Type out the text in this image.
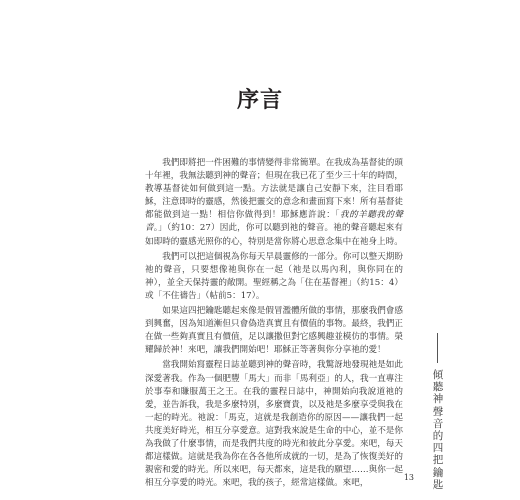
序言

我們即將把一件困難的事情變得非常簡單。在我成為基督徒的頭十年裡，我無法聽到神的聲音；但現在我已花了至少三十年的時間，教導基督徒如何做到這一點。方法就是讓自己安靜下來，注目看耶穌，注意即時的靈感，然後把靈交的意念和畫面寫下來！所有基督徒都能做到這一點！相信你做得到！耶穌應許說：「我的羊聽我的聲音。」（約10：27）因此，你可以聽到祂的聲音。祂的聲音聽起來有如即時的靈感光照你的心，特別是當你將心思意念集中在祂身上時。

我們可以把這個視為你每天早晨靈修的一部分。你可以整天期盼祂的聲音，只要想像祂與你在一起（祂是以馬內利，與你同在的神），並全天保持靈的敞開。聖經稱之為「住在基督裡」（約15：4）或「不住禱告」（帖前5：17）。

如果這四把鑰匙聽起來像是假冒濫體所做的事情，那麼我們會感到興奮，因為知道漸但只會偽造真實且有價值的事物。最終，我們正在做一些夠真實且有價值，足以讓撒但對它感興趣並模仿的事情。榮耀歸於神！來吧，讓我們開始吧！耶穌正等著與你分享祂的愛！

當我開始寫靈程日誌並聽到神的聲音時，我驚訝地發現祂是如此深愛著我。作為一個肥豐「馬大」而非「馬利亞」的人，我一直專注於事奉和賺服萬王之王。在我的靈程日誌中，神開始向我說道祂的愛，並告訴我，我是多麼特別，多麼寶貴，以及祂是多麼享受與我在一起的時光。祂說：「馬克，這就是我創造你的原因——讓我們一起共度美好時光，相互分享愛意。這對我來說是生命的中心，並不是你為我做了什麼事情，而是我們共度的時光和彼此分享愛。來吧，每天都這樣做。這就是我為你在各各他所成就的一切，是為了恢復美好的親密和愛的時光。所以來吧，每天都來，這是我的願望……與你一起相互分享愛的時光。來吧，我的孩子，經常這樣做。來吧，

傾聽神聲音的四把鑰匙
13
